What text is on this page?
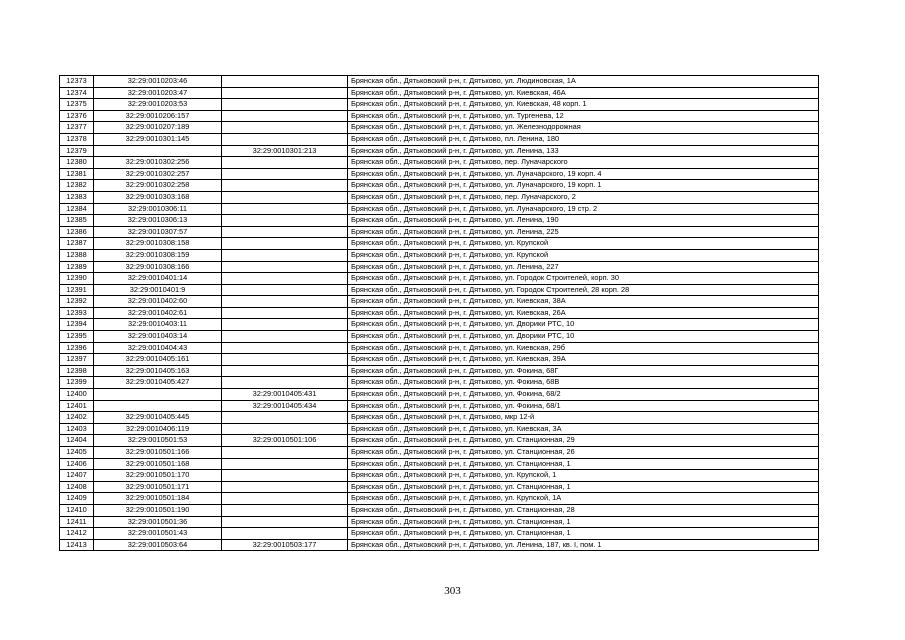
12373	32:29:0010203:46		Брянская обл., Дятьковский р-н, г. Дятьково, ул. Людиновская, 1А
12374	32:29:0010203:47		Брянская обл., Дятьковский р-н, г. Дятьково, ул. Киевская, 46А
12375	32:29:0010203:53		Брянская обл., Дятьковский р-н, г. Дятьково, ул. Киевская, 48 корп. 1
12376	32:29:0010206:157		Брянская обл., Дятьковский р-н, г. Дятьково, ул. Тургенева, 12
12377	32:29:0010207:189		Брянская обл., Дятьковский р-н, г. Дятьково, ул. Железнодорожная
12378	32:29:0010301:145		Брянская обл., Дятьковский р-н, г. Дятьково, пл. Ленина, 180
12379		32:29:0010301:213	Брянская обл., Дятьковский р-н, г. Дятьково, ул. Ленина, 133
12380	32:29:0010302:256		Брянская обл., Дятьковский р-н, г. Дятьково, пер. Луначарского
12381	32:29:0010302:257		Брянская обл., Дятьковский р-н, г. Дятьково, ул. Луначарского, 19 корп. 4
12382	32:29:0010302:258		Брянская обл., Дятьковский р-н, г. Дятьково, ул. Луначарского, 19 корп. 1
12383	32:29:0010303:168		Брянская обл., Дятьковский р-н, г. Дятьково, пер. Луначарского, 2
12384	32:29:0010306:11		Брянская обл., Дятьковский р-н, г. Дятьково, ул. Луначарского, 19 стр. 2
12385	32:29:0010306:13		Брянская обл., Дятьковский р-н, г. Дятьково, ул. Ленина, 190
12386	32:29:0010307:57		Брянская обл., Дятьковский р-н, г. Дятьково, ул. Ленина, 225
12387	32:29:0010308:158		Брянская обл., Дятьковский р-н, г. Дятьково, ул. Крупской
12388	32:29:0010308:159		Брянская обл., Дятьковский р-н, г. Дятьково, ул. Крупской
12389	32:29:0010308:166		Брянская обл., Дятьковский р-н, г. Дятьково, ул. Ленина, 227
12390	32:29:0010401:14		Брянская обл., Дятьковский р-н, г. Дятьково, ул. Городок Строителей, корп. 30
12391	32:29:0010401:9		Брянская обл., Дятьковский р-н, г. Дятьково, ул. Городок Строителей, 28 корп. 28
12392	32:29:0010402:60		Брянская обл., Дятьковский р-н, г. Дятьково, ул. Киевская, 38А
12393	32:29:0010402:61		Брянская обл., Дятьковский р-н, г. Дятьково, ул. Киевская, 26А
12394	32:29:0010403:11		Брянская обл., Дятьковский р-н, г. Дятьково, ул. Дворики РТС, 10
12395	32:29:0010403:14		Брянская обл., Дятьковский р-н, г. Дятьково, ул. Дворики РТС, 10
12396	32:29:0010404:43		Брянская обл., Дятьковский р-н, г. Дятьково, ул. Киевская, 29б
12397	32:29:0010405:161		Брянская обл., Дятьковский р-н, г. Дятьково, ул. Киевская, 39А
12398	32:29:0010405:163		Брянская обл., Дятьковский р-н, г. Дятьково, ул. Фокина, 68Г
12399	32:29:0010405:427		Брянская обл., Дятьковский р-н, г. Дятьково, ул. Фокина, 68В
12400		32:29:0010405:431	Брянская обл., Дятьковский р-н, г. Дятьково, ул. Фокина, 68/2
12401		32:29:0010405:434	Брянская обл., Дятьковский р-н, г. Дятьково, ул. Фокина, 68/1
12402	32:29:0010405:445		Брянская обл., Дятьковский р-н, г. Дятьково, мкр 12-й
12403	32:29:0010406:119		Брянская обл., Дятьковский р-н, г. Дятьково, ул. Киевская, 3А
12404	32:29:0010501:53	32:29:0010501:106	Брянская обл., Дятьковский р-н, г. Дятьково, ул. Станционная, 29
12405	32:29:0010501:166		Брянская обл., Дятьковский р-н, г. Дятьково, ул. Станционная, 26
12406	32:29:0010501:168		Брянская обл., Дятьковский р-н, г. Дятьково, ул. Станционная, 1
12407	32:29:0010501:170		Брянская обл., Дятьковский р-н, г. Дятьково, ул. Крупской, 1
12408	32:29:0010501:171		Брянская обл., Дятьковский р-н, г. Дятьково, ул. Станционная, 1
12409	32:29:0010501:184		Брянская обл., Дятьковский р-н, г. Дятьково, ул. Крупской, 1А
12410	32:29:0010501:190		Брянская обл., Дятьковский р-н, г. Дятьково, ул. Станционная, 28
12411	32:29:0010501:36		Брянская обл., Дятьковский р-н, г. Дятьково, ул. Станционная, 1
12412	32:29:0010501:43		Брянская обл., Дятьковский р-н, г. Дятьково, ул. Станционная, 1
12413	32:29:0010503:64	32:29:0010503:177	Брянская обл., Дятьковский р-н, г. Дятьково, ул. Ленина, 187, кв. I, пом. 1
303
